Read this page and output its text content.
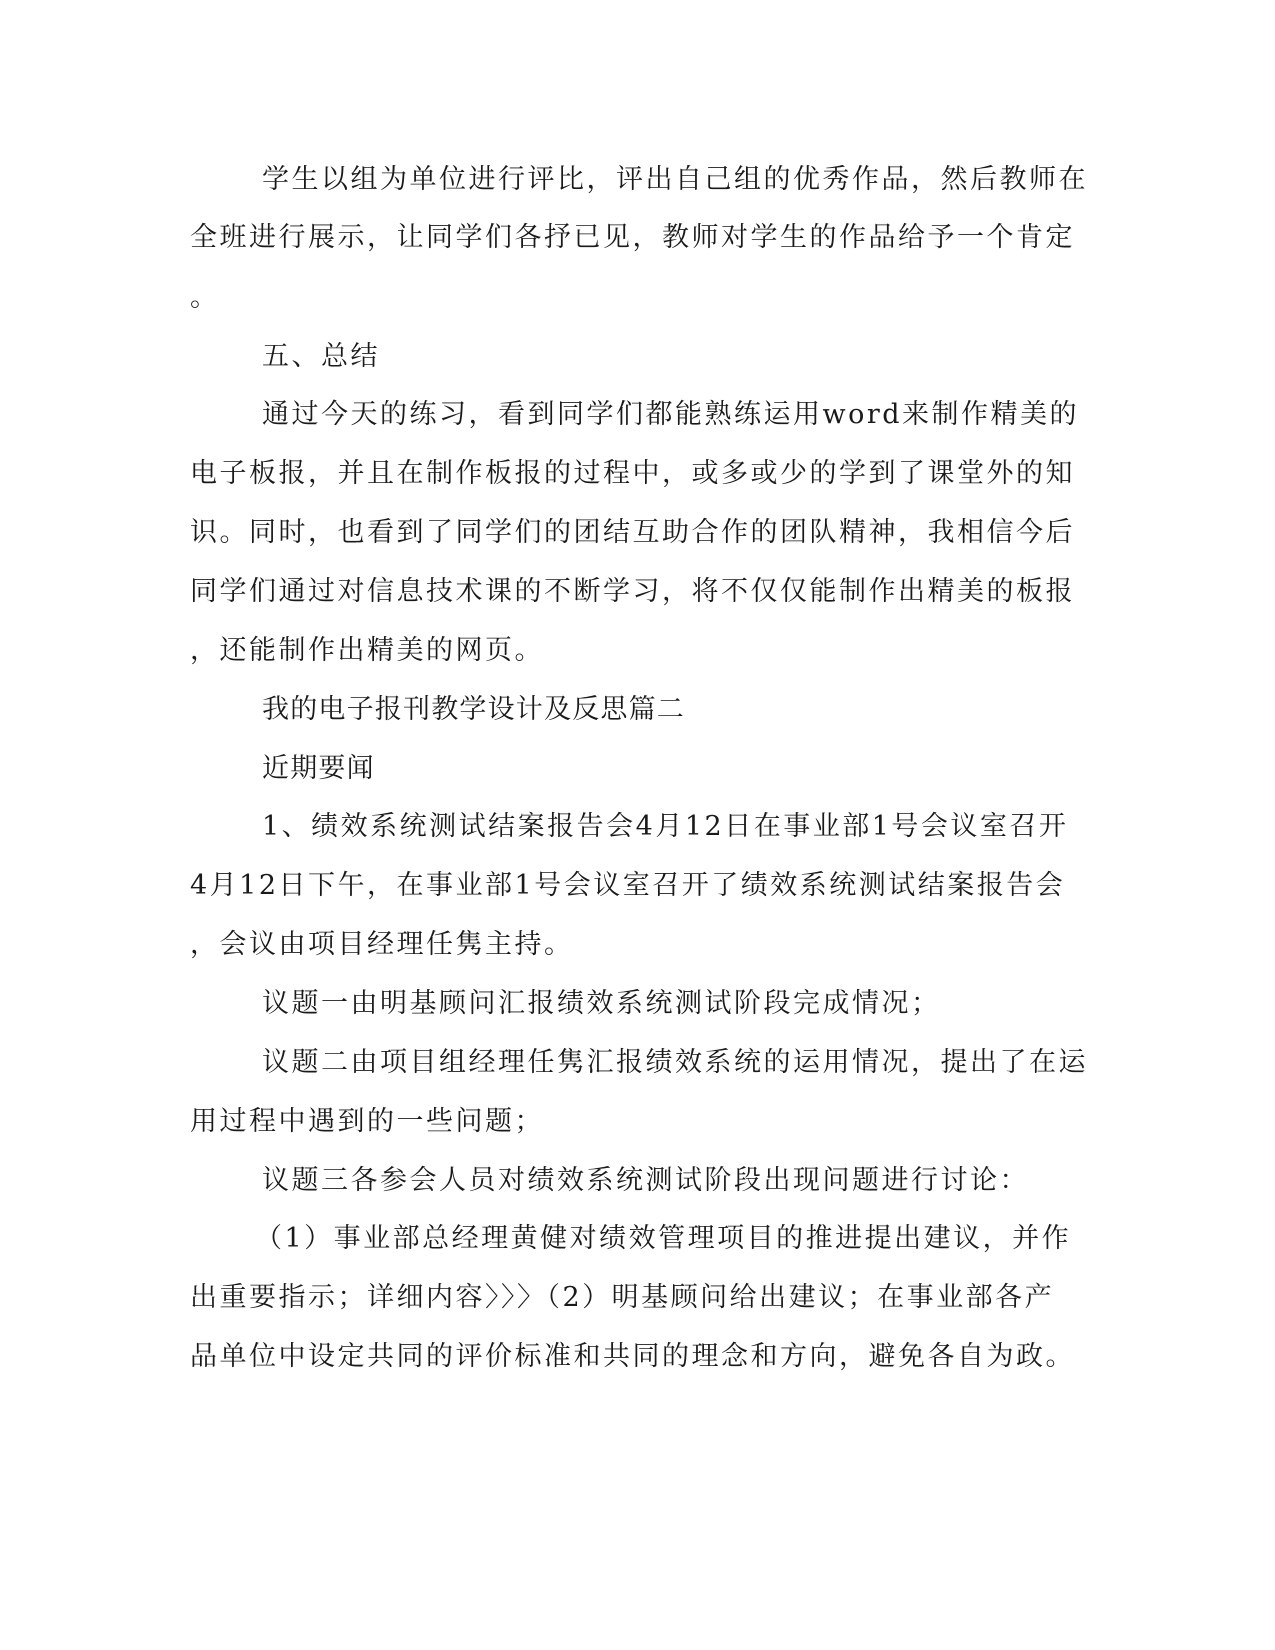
学生以组为单位进行评比，评出自己组的优秀作品，然后教师在
全班进行展示，让同学们各抒已见，教师对学生的作品给予一个肯定
。
五、总结
通过今天的练习，看到同学们都能熟练运用word来制作精美的
电子板报，并且在制作板报的过程中，或多或少的学到了课堂外的知
识。同时，也看到了同学们的团结互助合作的团队精神，我相信今后
同学们通过对信息技术课的不断学习，将不仅仅能制作出精美的板报
，还能制作出精美的网页。
我的电子报刊教学设计及反思篇二
近期要闻
1、绩效系统测试结案报告会4月12日在事业部1号会议室召开
4月12日下午，在事业部1号会议室召开了绩效系统测试结案报告会
，会议由项目经理任隽主持。
议题一由明基顾问汇报绩效系统测试阶段完成情况；
议题二由项目组经理任隽汇报绩效系统的运用情况，提出了在运
用过程中遇到的一些问题；
议题三各参会人员对绩效系统测试阶段出现问题进行讨论：
（1）事业部总经理黄健对绩效管理项目的推进提出建议，并作
出重要指示；详细内容〉〉〉（2）明基顾问给出建议；在事业部各产
品单位中设定共同的评价标准和共同的理念和方向，避免各自为政。
